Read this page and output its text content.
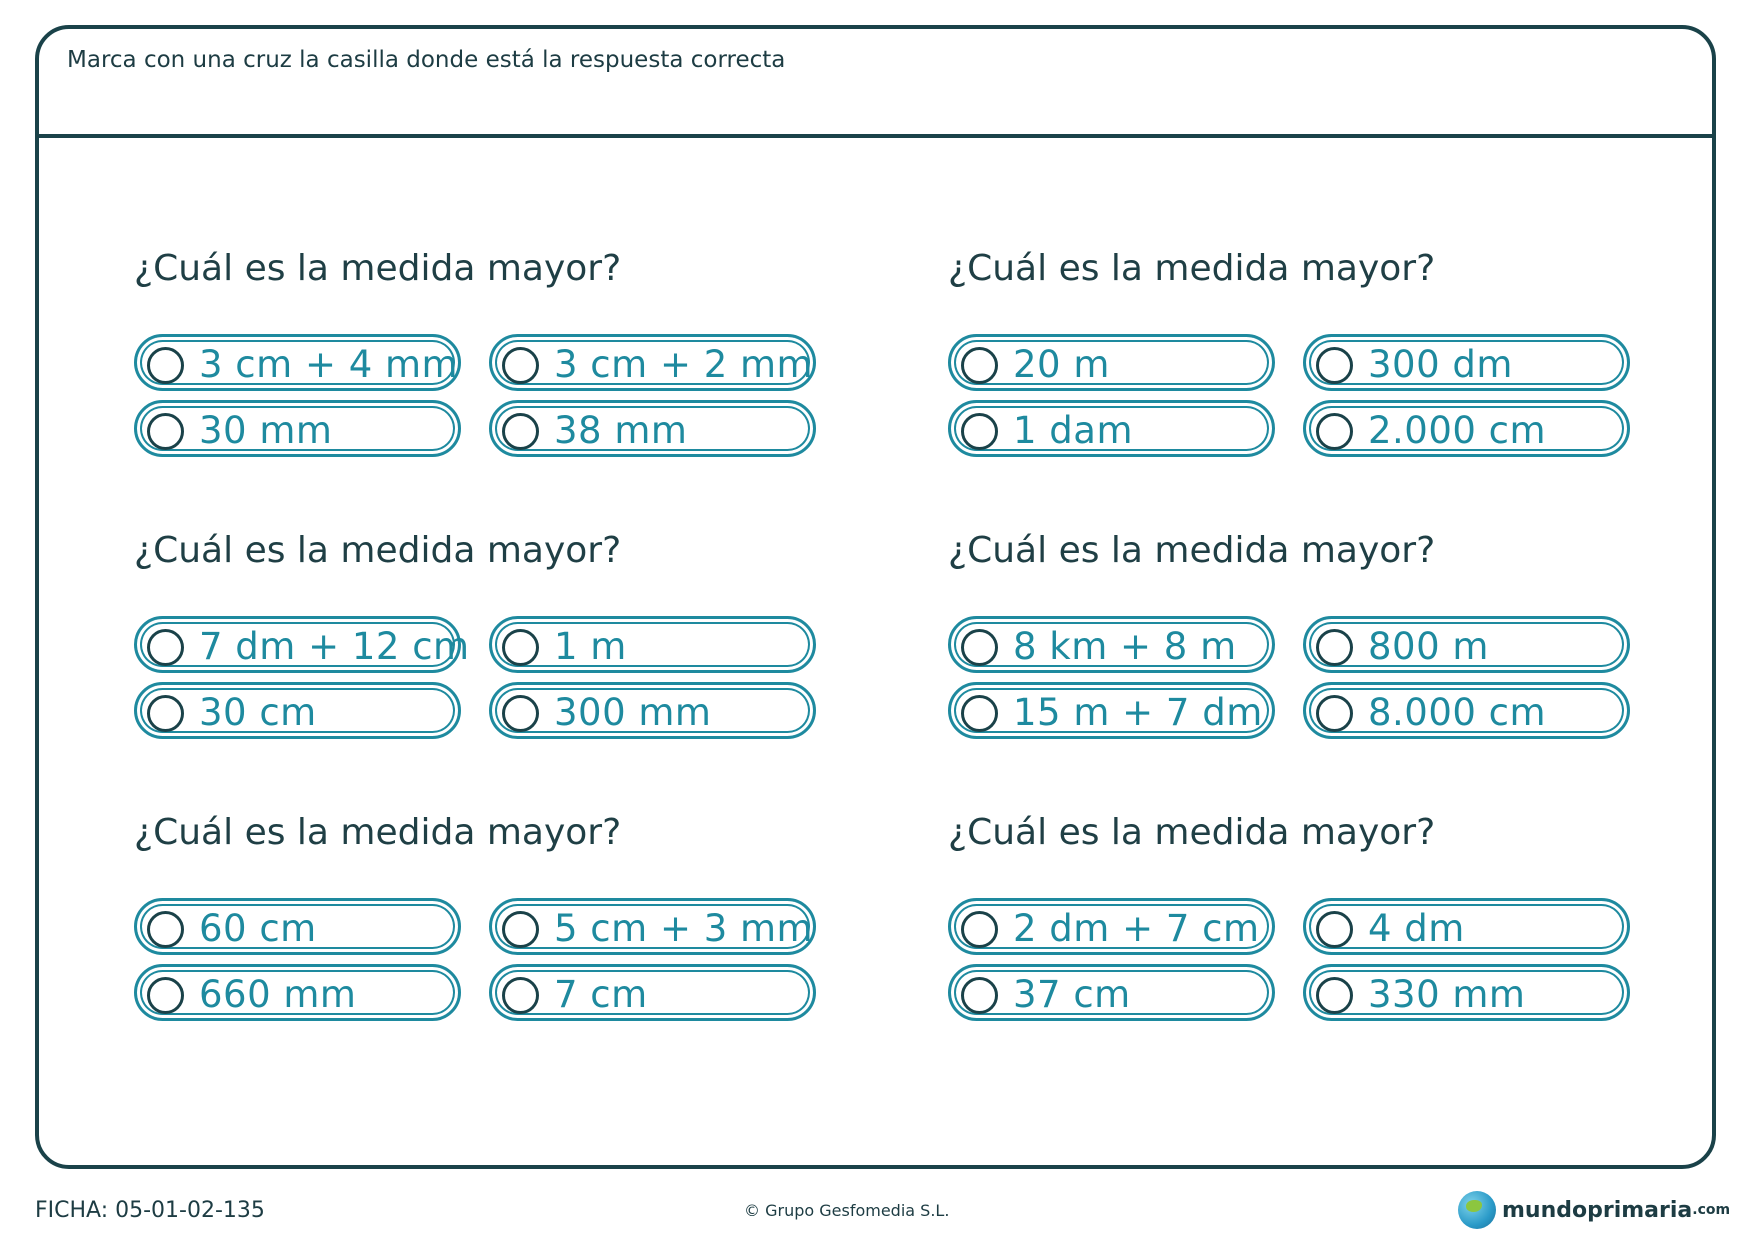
Marca con una cruz la casilla donde está la respuesta correcta
¿Cuál es la medida mayor?
3 cm + 4 mm	3 cm + 2 mm
30 mm	38 mm
¿Cuál es la medida mayor?
20 m	300 dm
1 dam	2.000 cm
¿Cuál es la medida mayor?
7 dm + 12 cm 1 m
30 cm	300 mm
¿Cuál es la medida mayor?
8 km + 8 m	800 m
15 m + 7 dm	8.000 cm
¿Cuál es la medida mayor?
60 cm	5 cm + 3 mm
660 mm	7 cm
¿Cuál es la medida mayor?
2 dm + 7 cm	4 dm
37 cm	330 mm
FICHA: 05-01-02-135	© Grupo Gesfomedia S.L.	mundoprimaria .com
